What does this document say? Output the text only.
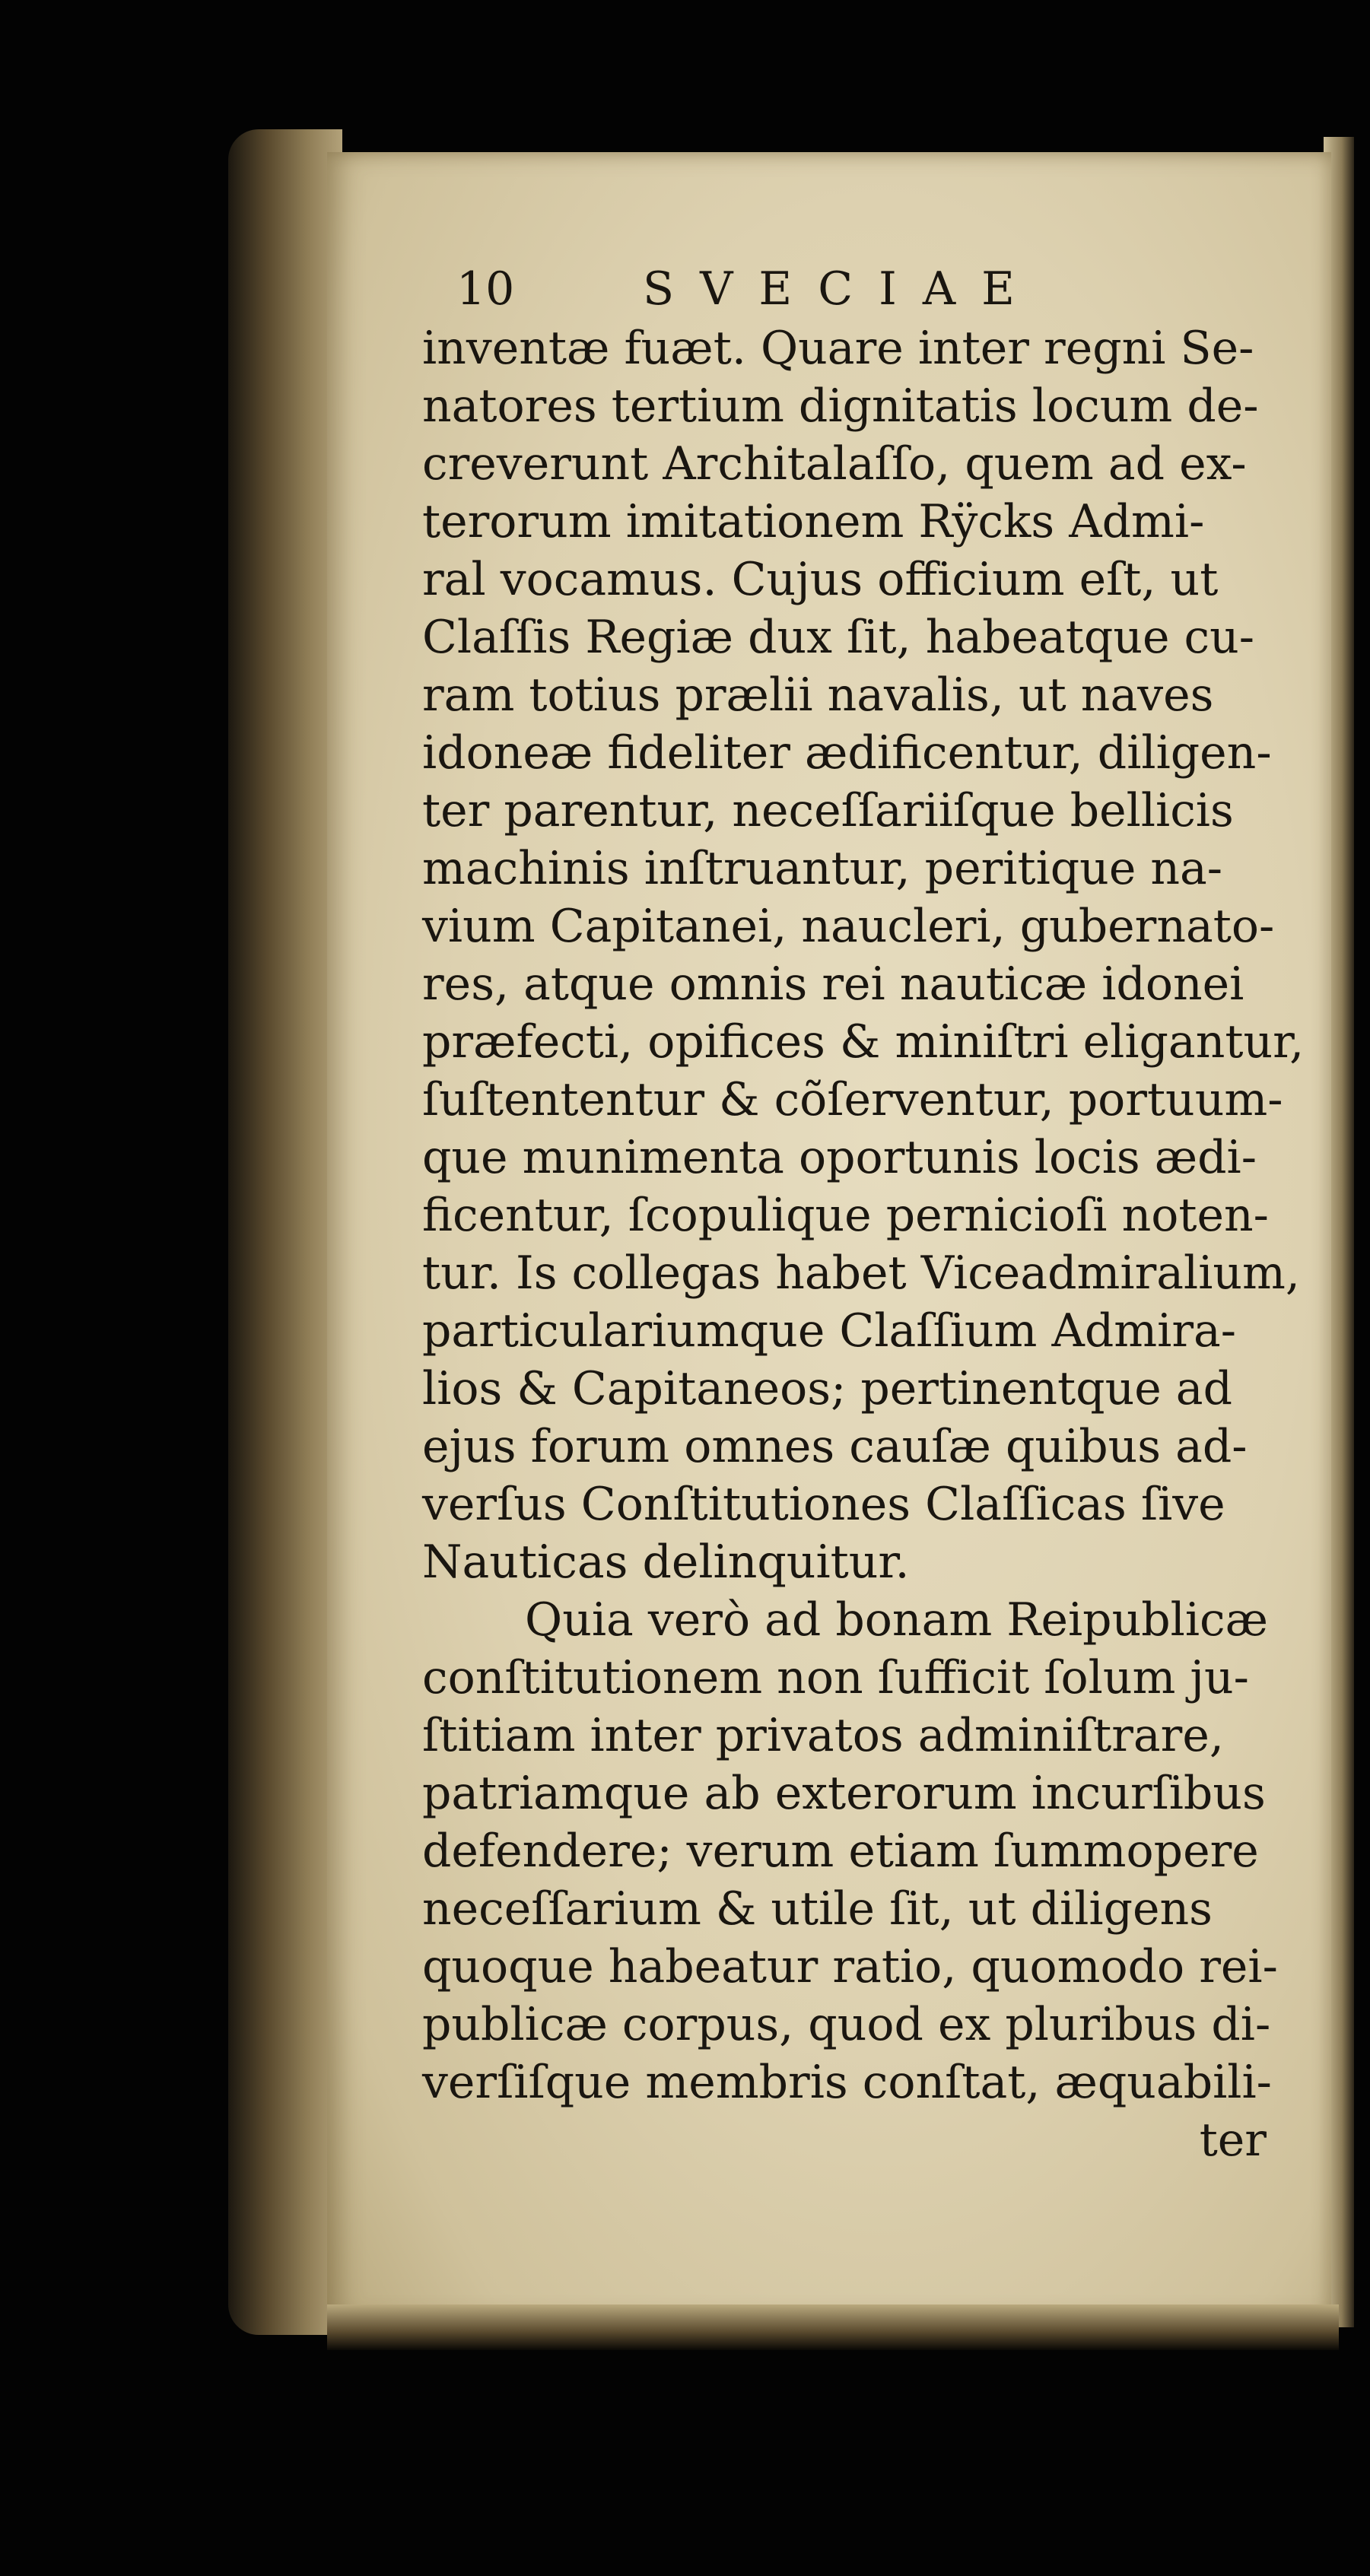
10	SVECIAE
inventæ fuæt. Quare inter regni Se-
natores tertium dignitatis locum de-
creverunt Architalaſſo, quem ad ex-
terorum imitationem Rÿcks Admi-
ral vocamus. Cujus officium eſt, ut
Claſſis Regiæ dux ſit, habeatque cu-
ram totius prælii navalis, ut naves
idoneæ fideliter ædificentur, diligen-
ter parentur, neceſſariiſque bellicis
machinis inſtruantur, peritique na-
vium Capitanei, naucleri, gubernato-
res, atque omnis rei nauticæ idonei
præfecti, opifices & miniſtri eligantur,
ſuſtententur & cõſerventur, portuum-
que munimenta oportunis locis ædi-
ficentur, ſcopulique pernicioſi noten-
tur. Is collegas habet Viceadmiralium,
particulariumque Claſſium Admira-
lios & Capitaneos; pertinentque ad
ejus forum omnes cauſæ quibus ad-
verſus Conſtitutiones Claſſicas ſive
Nauticas delinquitur.
Quia verò ad bonam Reipublicæ
conſtitutionem non ſufficit ſolum ju-
ſtitiam inter privatos adminiſtrare,
patriamque ab exterorum incurſibus
defendere; verum etiam ſummopere
neceſſarium & utile ſit, ut diligens
quoque habeatur ratio, quomodo rei-
publicæ corpus, quod ex pluribus di-
verſiſque membris conſtat, æquabili-
ter
